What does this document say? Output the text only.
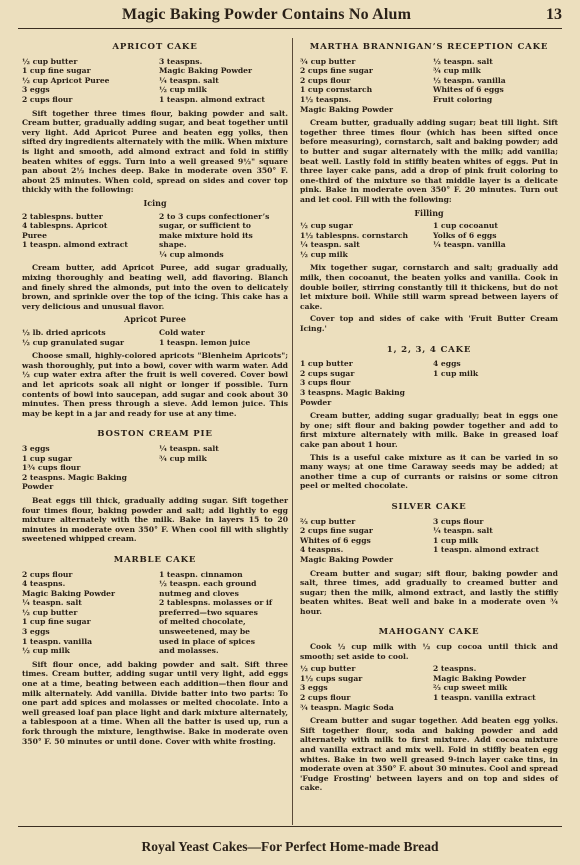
Magic Baking Powder Contains No Alum	13
APRICOT CAKE
½ cup butter
1 cup fine sugar
½ cup Apricot Puree
3 eggs
2 cups flour
3 teaspns.
Magic Baking Powder
¼ teaspn. salt
½ cup milk
1 teaspn. almond extract

Sift together three times flour, baking powder and salt. Cream butter, gradually adding sugar, and beat together until very light. Add Apricot Puree and beaten egg yolks, then sifted dry ingredients alternately with the milk. When mixture is light and smooth, add almond extract and fold in stiffly beaten whites of eggs. Turn into a well greased 9½" square pan about 2½ inches deep. Bake in moderate oven 350° F. about 25 minutes. When cold, spread on sides and cover top thickly with the following:

Icing
2 tablespns. butter
4 tablespns. Apricot
Puree
1 teaspn. almond extract
2 to 3 cups confectioner’s
sugar, or sufficient to
make mixture hold its
shape.
¼ cup almonds

Cream butter, add Apricot Puree, add sugar gradually, mixing thoroughly and beating well, add flavoring. Blanch and finely shred the almonds, put into the oven to delicately brown, and sprinkle over the top of the icing. This cake has a very delicious and unusual flavor.

Apricot Puree
½ lb. dried apricots
½ cup granulated sugar
Cold water
1 teaspn. lemon juice

Choose small, highly-colored apricots "Blenheim Apricots"; wash thoroughly, put into a bowl, cover with warm water. Add ½ cup water extra after the fruit is well covered. Cover bowl and let apricots soak all night or longer if possible. Turn contents of bowl into saucepan, add sugar and cook about 30 minutes. Then press through a sieve. Add lemon juice. This may be kept in a jar and ready for use at any time.

BOSTON CREAM PIE
3 eggs
1 cup sugar
1¾ cups flour
2 teaspns. Magic Baking Powder
¼ teaspn. salt
¾ cup milk

Beat eggs till thick, gradually adding sugar. Sift together four times flour, baking powder and salt; add lightly to egg mixture alternately with the milk. Bake in layers 15 to 20 minutes in moderate oven 350° F. When cool fill with slightly sweetened whipped cream.

MARBLE CAKE
2 cups flour
4 teaspns.
Magic Baking Powder
¼ teaspn. salt
½ cup butter
1 cup fine sugar
3 eggs
1 teaspn. vanilla
½ cup milk
1 teaspn. cinnamon
½ teaspn. each ground
nutmeg and cloves
2 tablespns. molasses or if
preferred—two squares
of melted chocolate,
unsweetened, may be
used in place of spices
and molasses.

Sift flour once, add baking powder and salt. Sift three times. Cream butter, adding sugar until very light, add eggs one at a time, beating between each addition—then flour and milk alternately. Add vanilla. Divide batter into two parts: To one part add spices and molasses or melted chocolate. Into a well greased loaf pan place light and dark mixture alternately, a tablespoon at a time. When all the batter is used up, run a fork through the mixture, lengthwise. Bake in moderate oven 350° F. 50 minutes or until done. Cover with white frosting.

MARTHA BRANNIGAN’S RECEPTION CAKE
¾ cup butter
2 cups fine sugar
2 cups flour
1 cup cornstarch
1½ teaspns.
Magic Baking Powder
½ teaspn. salt
¾ cup milk
½ teaspn. vanilla
Whites of 6 eggs
Fruit coloring

Cream butter, gradually adding sugar; beat till light. Sift together three times flour (which has been sifted once before measuring), cornstarch, salt and baking powder; add to butter and sugar alternately with the milk; add vanilla; beat well. Lastly fold in stiffly beaten whites of eggs. Put in three layer cake pans, add a drop of pink fruit coloring to one-third of the mixture so that middle layer is a delicate pink. Bake in moderate oven 350° F. 20 minutes. Turn out and let cool. Fill with the following:

Filling
½ cup sugar
1½ tablespns. cornstarch
¼ teaspn. salt
½ cup milk
1 cup cocoanut
Yolks of 6 eggs
¼ teaspn. vanilla

Mix together sugar, cornstarch and salt; gradually add milk, then cocoanut, the beaten yolks and vanilla. Cook in double boiler, stirring constantly till it thickens, but do not let mixture boil. While still warm spread between layers of cake.

Cover top and sides of cake with 'Fruit Butter Cream Icing.'

1, 2, 3, 4 CAKE
1 cup butter
2 cups sugar
3 cups flour
3 teaspns. Magic Baking Powder
4 eggs
1 cup milk

Cream butter, adding sugar gradually; beat in eggs one by one; sift flour and baking powder together and add to first mixture alternately with milk. Bake in greased loaf cake pan about 1 hour.

This is a useful cake mixture as it can be varied in so many ways; at one time Caraway seeds may be added; at another time a cup of currants or raisins or some citron peel or melted chocolate.

SILVER CAKE
⅔ cup butter
2 cups fine sugar
Whites of 6 eggs
4 teaspns.
Magic Baking Powder
3 cups flour
¼ teaspn. salt
1 cup milk
1 teaspn. almond extract

Cream butter and sugar; sift flour, baking powder and salt, three times, add gradually to creamed butter and sugar; then the milk, almond extract, and lastly the stiffly beaten whites. Beat well and bake in a moderate oven ¾ hour.

MAHOGANY CAKE

Cook ½ cup milk with ½ cup cocoa until thick and smooth; set aside to cool.

½ cup butter
1½ cups sugar
3 eggs
2 cups flour
¾ teaspn. Magic Soda
2 teaspns.
Magic Baking Powder
⅔ cup sweet milk
1 teaspn. vanilla extract

Cream butter and sugar together. Add beaten egg yolks. Sift together flour, soda and baking powder and add alternately with milk to first mixture. Add cocoa mixture and vanilla extract and mix well. Fold in stiffly beaten egg whites. Bake in two well greased 9-inch layer cake tins, in moderate oven at 350° F. about 30 minutes. Cool and spread 'Fudge Frosting' between layers and on top and sides of cake.

Royal Yeast Cakes—For Perfect Home-made Bread
